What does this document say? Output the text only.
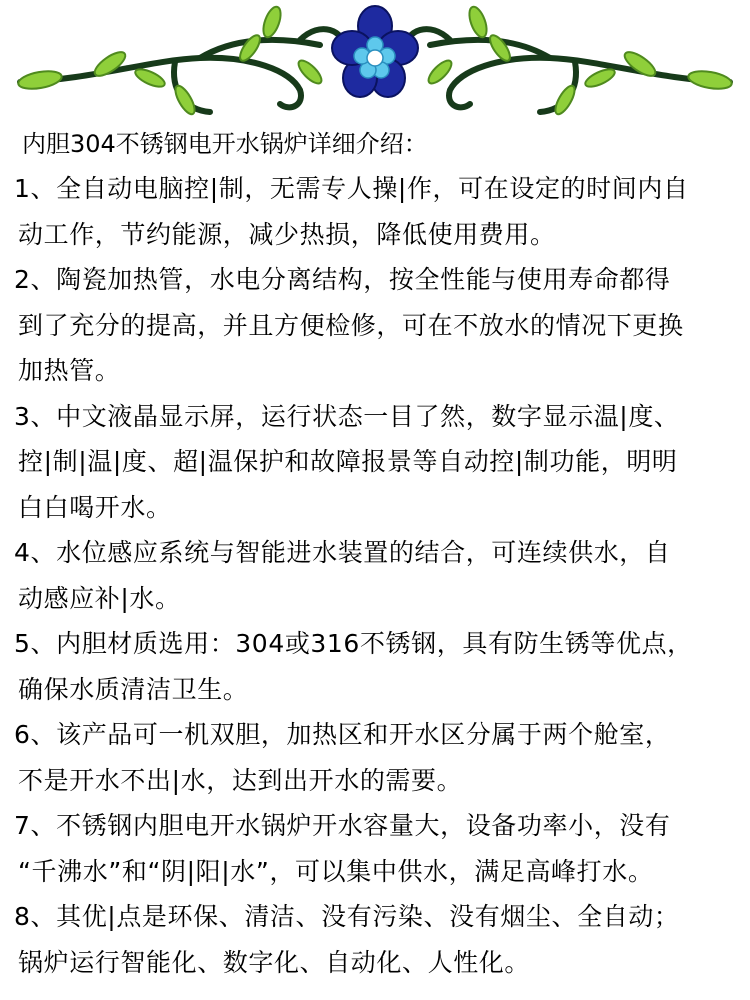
内胆304不锈钢电开水锅炉详细介绍：

1、全自动电脑控|制，无需专人操|作，可在设定的时间内自
动工作，节约能源，减少热损，降低使用费用。

2、陶瓷加热管，水电分离结构，按全性能与使用寿命都得
到了充分的提高，并且方便检修，可在不放水的情况下更换
加热管。

3、中文液晶显示屏，运行状态一目了然，数字显示温|度、
控|制|温|度、超|温保护和故障报景等自动控|制功能，明明
白白喝开水。

4、水位感应系统与智能进水装置的结合，可连续供水，自
动感应补|水。

5、内胆材质选用：304或316不锈钢，具有防生锈等优点，
确保水质清洁卫生。

6、该产品可一机双胆，加热区和开水区分属于两个舱室，
不是开水不出|水，达到出开水的需要。

7、不锈钢内胆电开水锅炉开水容量大，设备功率小，没有
“千沸水”和“阴|阳|水”，可以集中供水，满足高峰打水。

8、其优|点是环保、清洁、没有污染、没有烟尘、全自动；
锅炉运行智能化、数字化、自动化、人性化。
